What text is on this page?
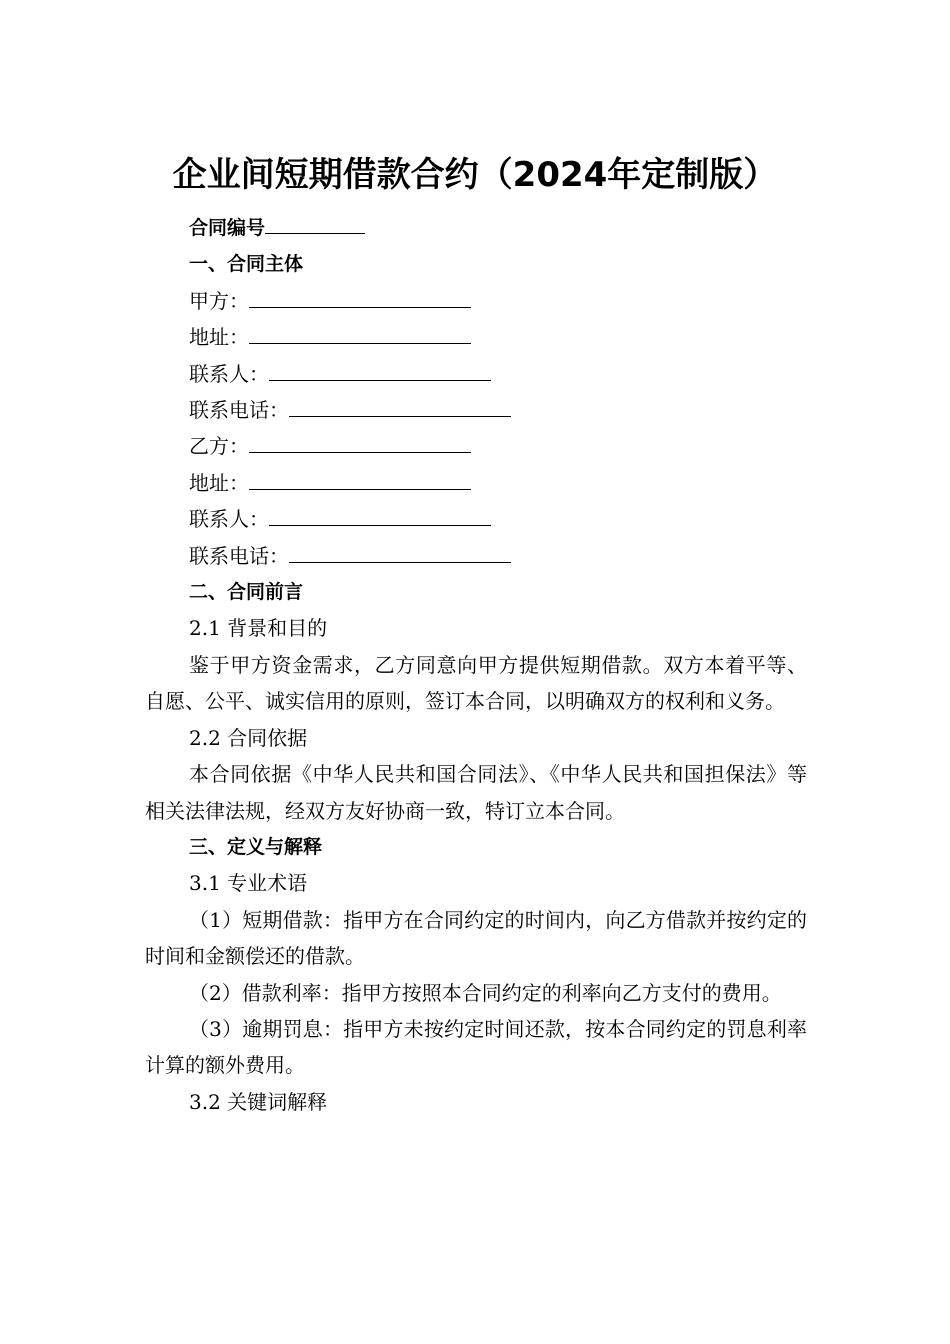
企业间短期借款合约（2024年定制版）

合同编号

一、合同主体

甲方：

地址：

联系人：

联系电话：

乙方：

地址：

联系人：

联系电话：

二、合同前言

2.1 背景和目的

鉴于甲方资金需求，乙方同意向甲方提供短期借款。双方本着平等、自愿、公平、诚实信用的原则，签订本合同，以明确双方的权利和义务。

2.2 合同依据

本合同依据《中华人民共和国合同法》、《中华人民共和国担保法》等相关法律法规，经双方友好协商一致，特订立本合同。

三、定义与解释

3.1 专业术语

（1）短期借款：指甲方在合同约定的时间内，向乙方借款并按约定的时间和金额偿还的借款。

（2）借款利率：指甲方按照本合同约定的利率向乙方支付的费用。

（3）逾期罚息：指甲方未按约定时间还款，按本合同约定的罚息利率计算的额外费用。

3.2 关键词解释
